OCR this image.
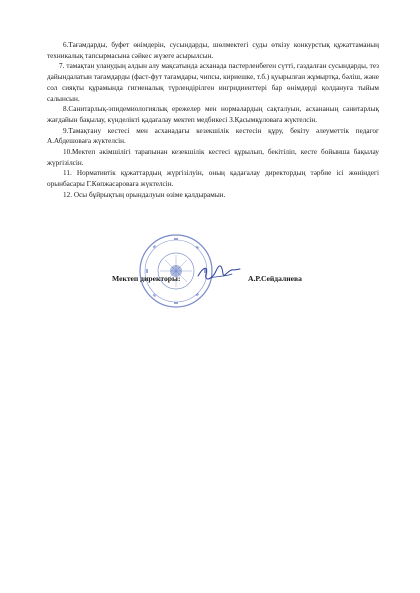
6.Тағамдарды, буфет өнімдерін, сусындарды, шөлмектегі суды өткізу конкурстық құжаттаманың техникалық тапсырмасына сәйкес жүзеге асырылсын.

7. тамақтан уланудың алдын алу мақсатында асханада пастерленбеген сүтті, газдалған сусындарды, тез дайындалатын тағамдарды (фаст-фут тағамдары, чипсы, кириешке, т.б.) қуырылған жұмыртқа, бәліш, және сол сияқты құрамында гигиеналық түрлендірілген ингридиенттері бар өнімдерді қолдануға тыйым салынсын.

8.Санитарлық-эпидемиологиялық ережелер мен нормалардың сақталуын, асхананың санитарлық жағдайын бақылау, күнделікті қадағалау мектеп медбикесі З.Қасымқұловаға жүктелсін.

9.Тамақтану кестесі мен асханадағы кезекшілік кестесін құру, бекіту әлеуметтік педагог А.Абдешоваға жүктелсін.

10.Мектеп әкімшілігі тарапынан кезекшілік кестесі құрылып, бекітіліп, кесте бойынша бақылау жүргізілсін.

11. Нормативтік құжаттардың жүргізілуін, оның қадағалау директордың тәрбие ісі жөніндегі орынбасары Г.Көпжасароваға жүктелсін.

12. Осы бұйрықтың орындалуын өзіме қалдырамын.

Мектеп директоры:	А.Р.Сейдалиева
